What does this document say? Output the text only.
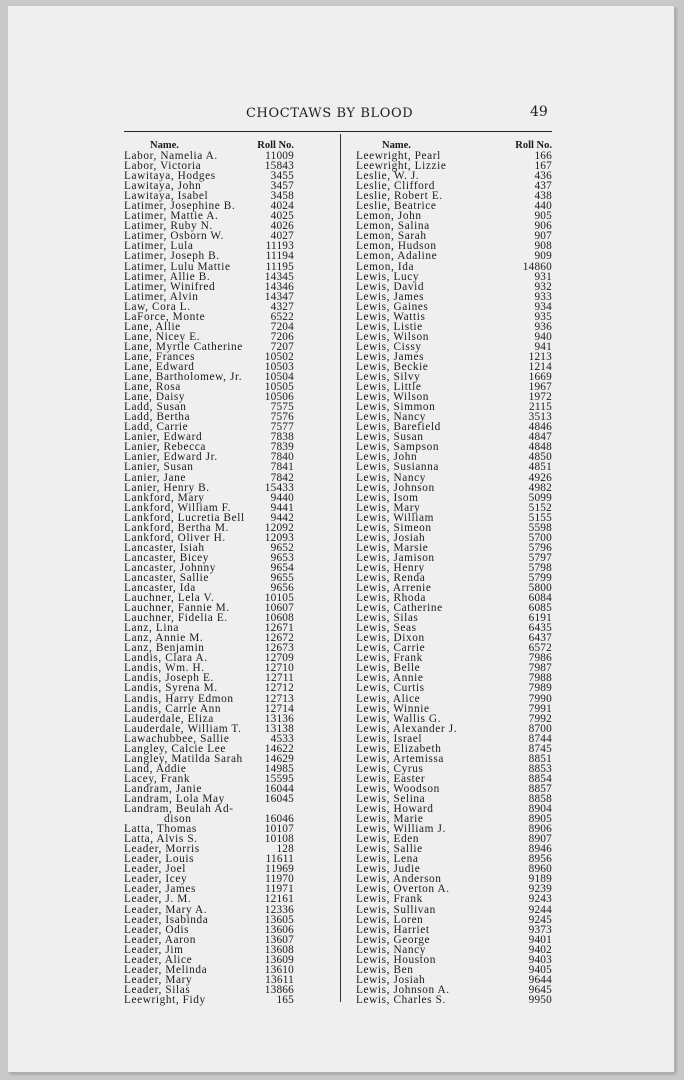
CHOCTAWS BY BLOOD	49
Name.	Roll No.
Labor, Namelia A.	11009
Labor, Victoria	15843
Lawitaya, Hodges	3455
Lawitaya, John	3457
Lawitaya, Isabel	3458
Latimer, Josephine B.	4024
Latimer, Mattie A.	4025
Latimer, Ruby N.	4026
Latimer, Osborn W.	4027
Latimer, Lula	11193
Latimer, Joseph B.	11194
Latimer, Lulu Mattie	11195
Latimer, Allie B.	14345
Latimer, Winifred	14346
Latimer, Alvin	14347
Law, Cora L.	4327
LaForce, Monte	6522
Lane, Allie	7204
Lane, Nicey E.	7206
Lane, Myrtle Catherine 7207
Lane, Frances	10502
Lane, Edward	10503
Lane, Bartholomew, Jr. 10504
Lane, Rosa	10505
Lane, Daisy	10506
Ladd, Susan	7575
Ladd, Bertha	7576
Ladd, Carrie	7577
Lanier, Edward	7838
Lanier, Rebecca	7839
Lanier, Edward Jr.	7840
Lanier, Susan	7841
Lanier, Jane	7842
Lanier, Henry B.	15433
Lankford, Mary	9440
Lankford, William F.	9441
Lankford, Lucretia Bell 9442
Lankford, Bertha M.	12092
Lankford, Oliver H.	12093
Lancaster, Isiah	9652
Lancaster, Bicey	9653
Lancaster, Johnny	9654
Lancaster, Sallie	9655
Lancaster, Ida	9656
Lauchner, Lela V.	10105
Lauchner, Fannie M.	10607
Lauchner, Fidelia E.	10608
Lanz, Lina	12671
Lanz, Annie M.	12672
Lanz, Benjamin	12673
Landis, Clara A.	12709
Landis, Wm. H.	12710
Landis, Joseph E.	12711
Landis, Syrena M.	12712
Landis, Harry Edmon	12713
Landis, Carrie Ann	12714
Lauderdale, Eliza	13136
Lauderdale, William T. 13138
Lawachubbee, Sallie	4533
Langley, Calcie Lee	14622
Langley, Matilda Sarah 14629
Land, Addie	14985
Lacey, Frank	15595
Landram, Janie	16044
Landram, Lola May	16045
Landram, Beulah Ad-
dison	16046
Latta, Thomas	10107
Latta, Alvis S.	10108
Leader, Morris	128
Leader, Louis	11611
Leader, Joel	11969
Leader, Icey	11970
Leader, James	11971
Leader, J. M.	12161
Leader, Mary A.	12336
Leader, Isabinda	13605
Leader, Odis	13606
Leader, Aaron	13607
Leader, Jim	13608
Leader, Alice	13609
Leader, Melinda	13610
Leader, Mary	13611
Leader, Silas	13866
Leewright, Fidy	165
Name.	Roll No.
Leewright, Pearl	166
Leewright, Lizzie	167
Leslie, W. J.	436
Leslie, Clifford	437
Leslie, Robert E.	438
Leslie, Beatrice	440
Lemon, John	905
Lemon, Salina	906
Lemon, Sarah	907
Lemon, Hudson	908
Lemon, Adaline	909
Lemon, Ida	14860
Lewis, Lucy	931
Lewis, David	932
Lewis, James	933
Lewis, Gaines	934
Lewis, Wattis	935
Lewis, Listie	936
Lewis, Wilson	940
Lewis, Cissy	941
Lewis, James	1213
Lewis, Beckie	1214
Lewis, Silvy	1669
Lewis, Little	1967
Lewis, Wilson	1972
Lewis, Simmon	2115
Lewis, Nancy	3513
Lewis, Barefield	4846
Lewis, Susan	4847
Lewis, Sampson	4848
Lewis, John	4850
Lewis, Susianna	4851
Lewis, Nancy	4926
Lewis, Johnson	4982
Lewis, Isom	5099
Lewis, Mary	5152
Lewis, William	5155
Lewis, Simeon	5598
Lewis, Josiah	5700
Lewis, Marsie	5796
Lewis, Jamison	5797
Lewis, Henry	5798
Lewis, Renda	5799
Lewis, Arrenie	5800
Lewis, Rhoda	6084
Lewis, Catherine	6085
Lewis, Silas	6191
Lewis, Seas	6435
Lewis, Dixon	6437
Lewis, Carrie	6572
Lewis, Frank	7986
Lewis, Belle	7987
Lewis, Annie	7988
Lewis, Curtis	7989
Lewis, Alice	7990
Lewis, Winnie	7991
Lewis, Wallis G.	7992
Lewis, Alexander J.	8700
Lewis, Israel	8744
Lewis, Elizabeth	8745
Lewis, Artemissa	8851
Lewis, Cyrus	8853
Lewis, Easter	8854
Lewis, Woodson	8857
Lewis, Selina	8858
Lewis, Howard	8904
Lewis, Marie	8905
Lewis, William J.	8906
Lewis, Eden	8907
Lewis, Sallie	8946
Lewis, Lena	8956
Lewis, Judie	8960
Lewis, Anderson	9189
Lewis, Overton A.	9239
Lewis, Frank	9243
Lewis, Sullivan	9244
Lewis, Loren	9245
Lewis, Harriet	9373
Lewis, George	9401
Lewis, Nancy	9402
Lewis, Houston	9403
Lewis, Ben	9405
Lewis, Josiah	9644
Lewis, Johnson A.	9645
Lewis, Charles S.	9950
